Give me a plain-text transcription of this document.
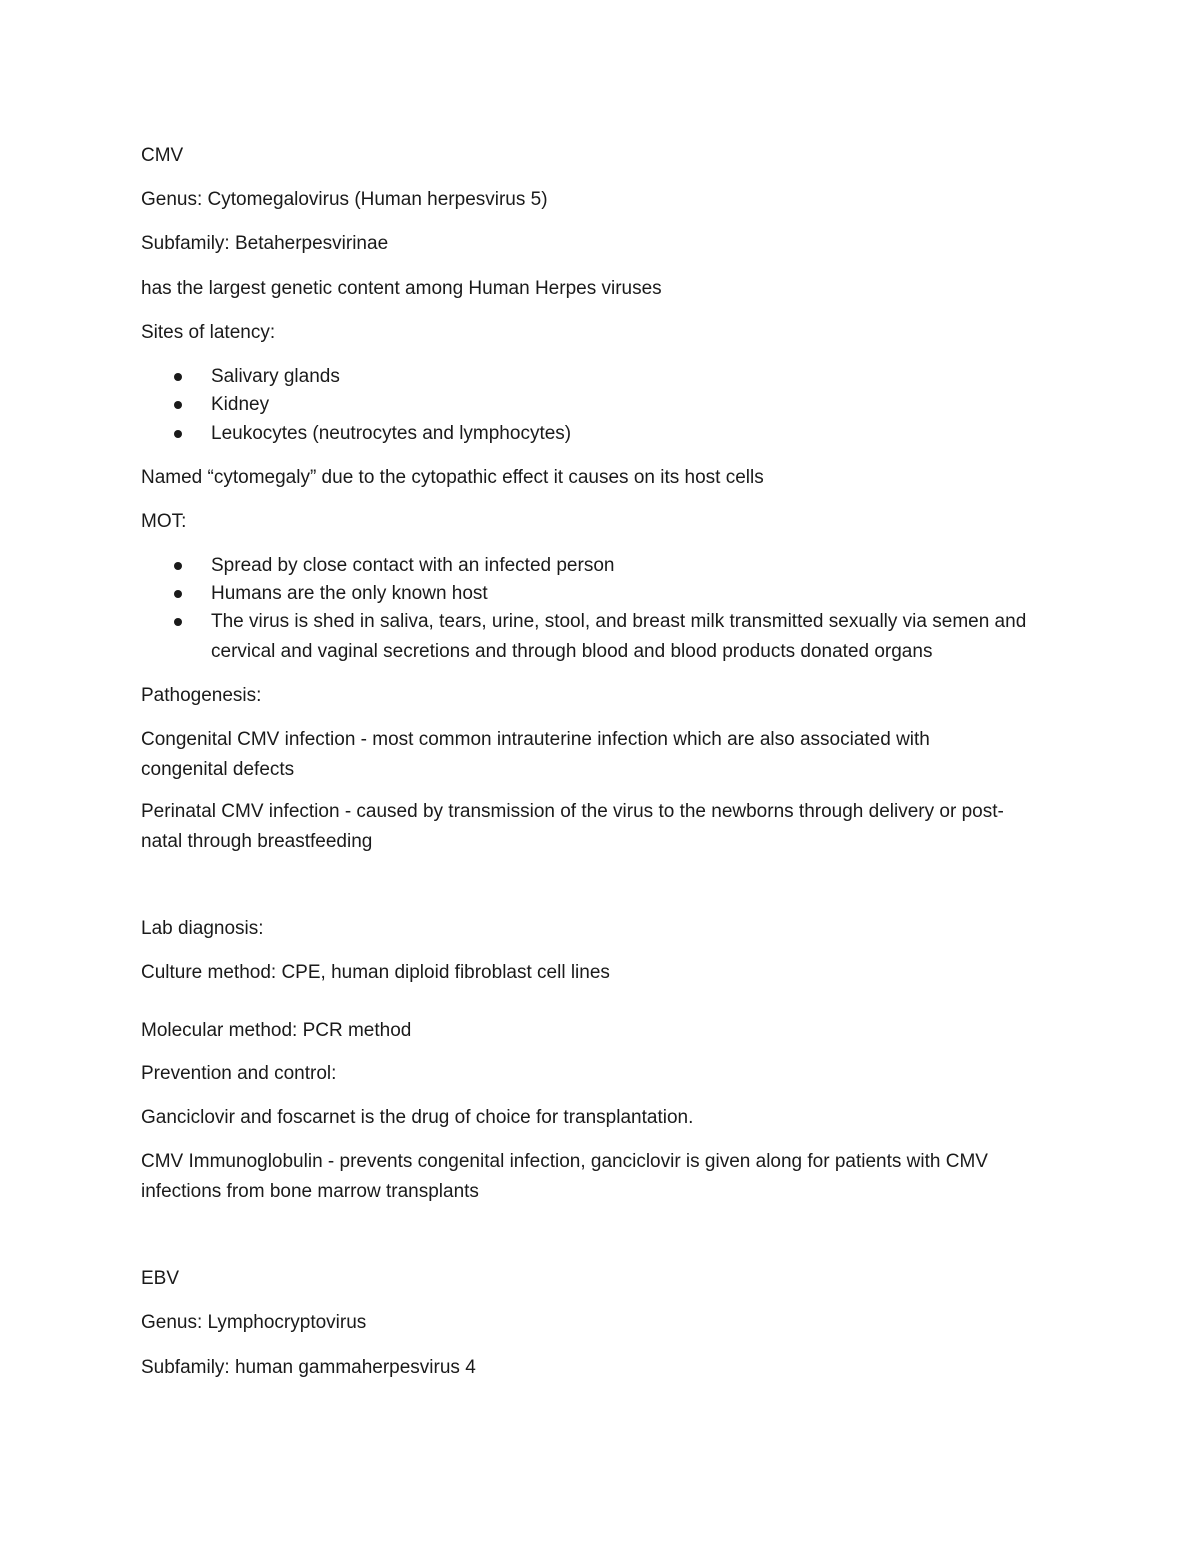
CMV

Genus: Cytomegalovirus (Human herpesvirus 5)

Subfamily: Betaherpesvirinae

has the largest genetic content among Human Herpes viruses

Sites of latency:

Salivary glands
Kidney
Leukocytes (neutrocytes and lymphocytes)

Named “cytomegaly” due to the cytopathic effect it causes on its host cells

MOT:

Spread by close contact with an infected person
Humans are the only known host
The virus is shed in saliva, tears, urine, stool, and breast milk transmitted sexually via semen and
cervical and vaginal secretions and through blood and blood products donated organs

Pathogenesis:

Congenital CMV infection - most common intrauterine infection which are also associated with
congenital defects
Perinatal CMV infection - caused by transmission of the virus to the newborns through delivery or post-
natal through breastfeeding

Lab diagnosis:

Culture method: CPE, human diploid fibroblast cell lines

Molecular method: PCR method

Prevention and control:

Ganciclovir and foscarnet is the drug of choice for transplantation.

CMV Immunoglobulin - prevents congenital infection, ganciclovir is given along for patients with CMV
infections from bone marrow transplants

EBV

Genus: Lymphocryptovirus

Subfamily: human gammaherpesvirus 4
